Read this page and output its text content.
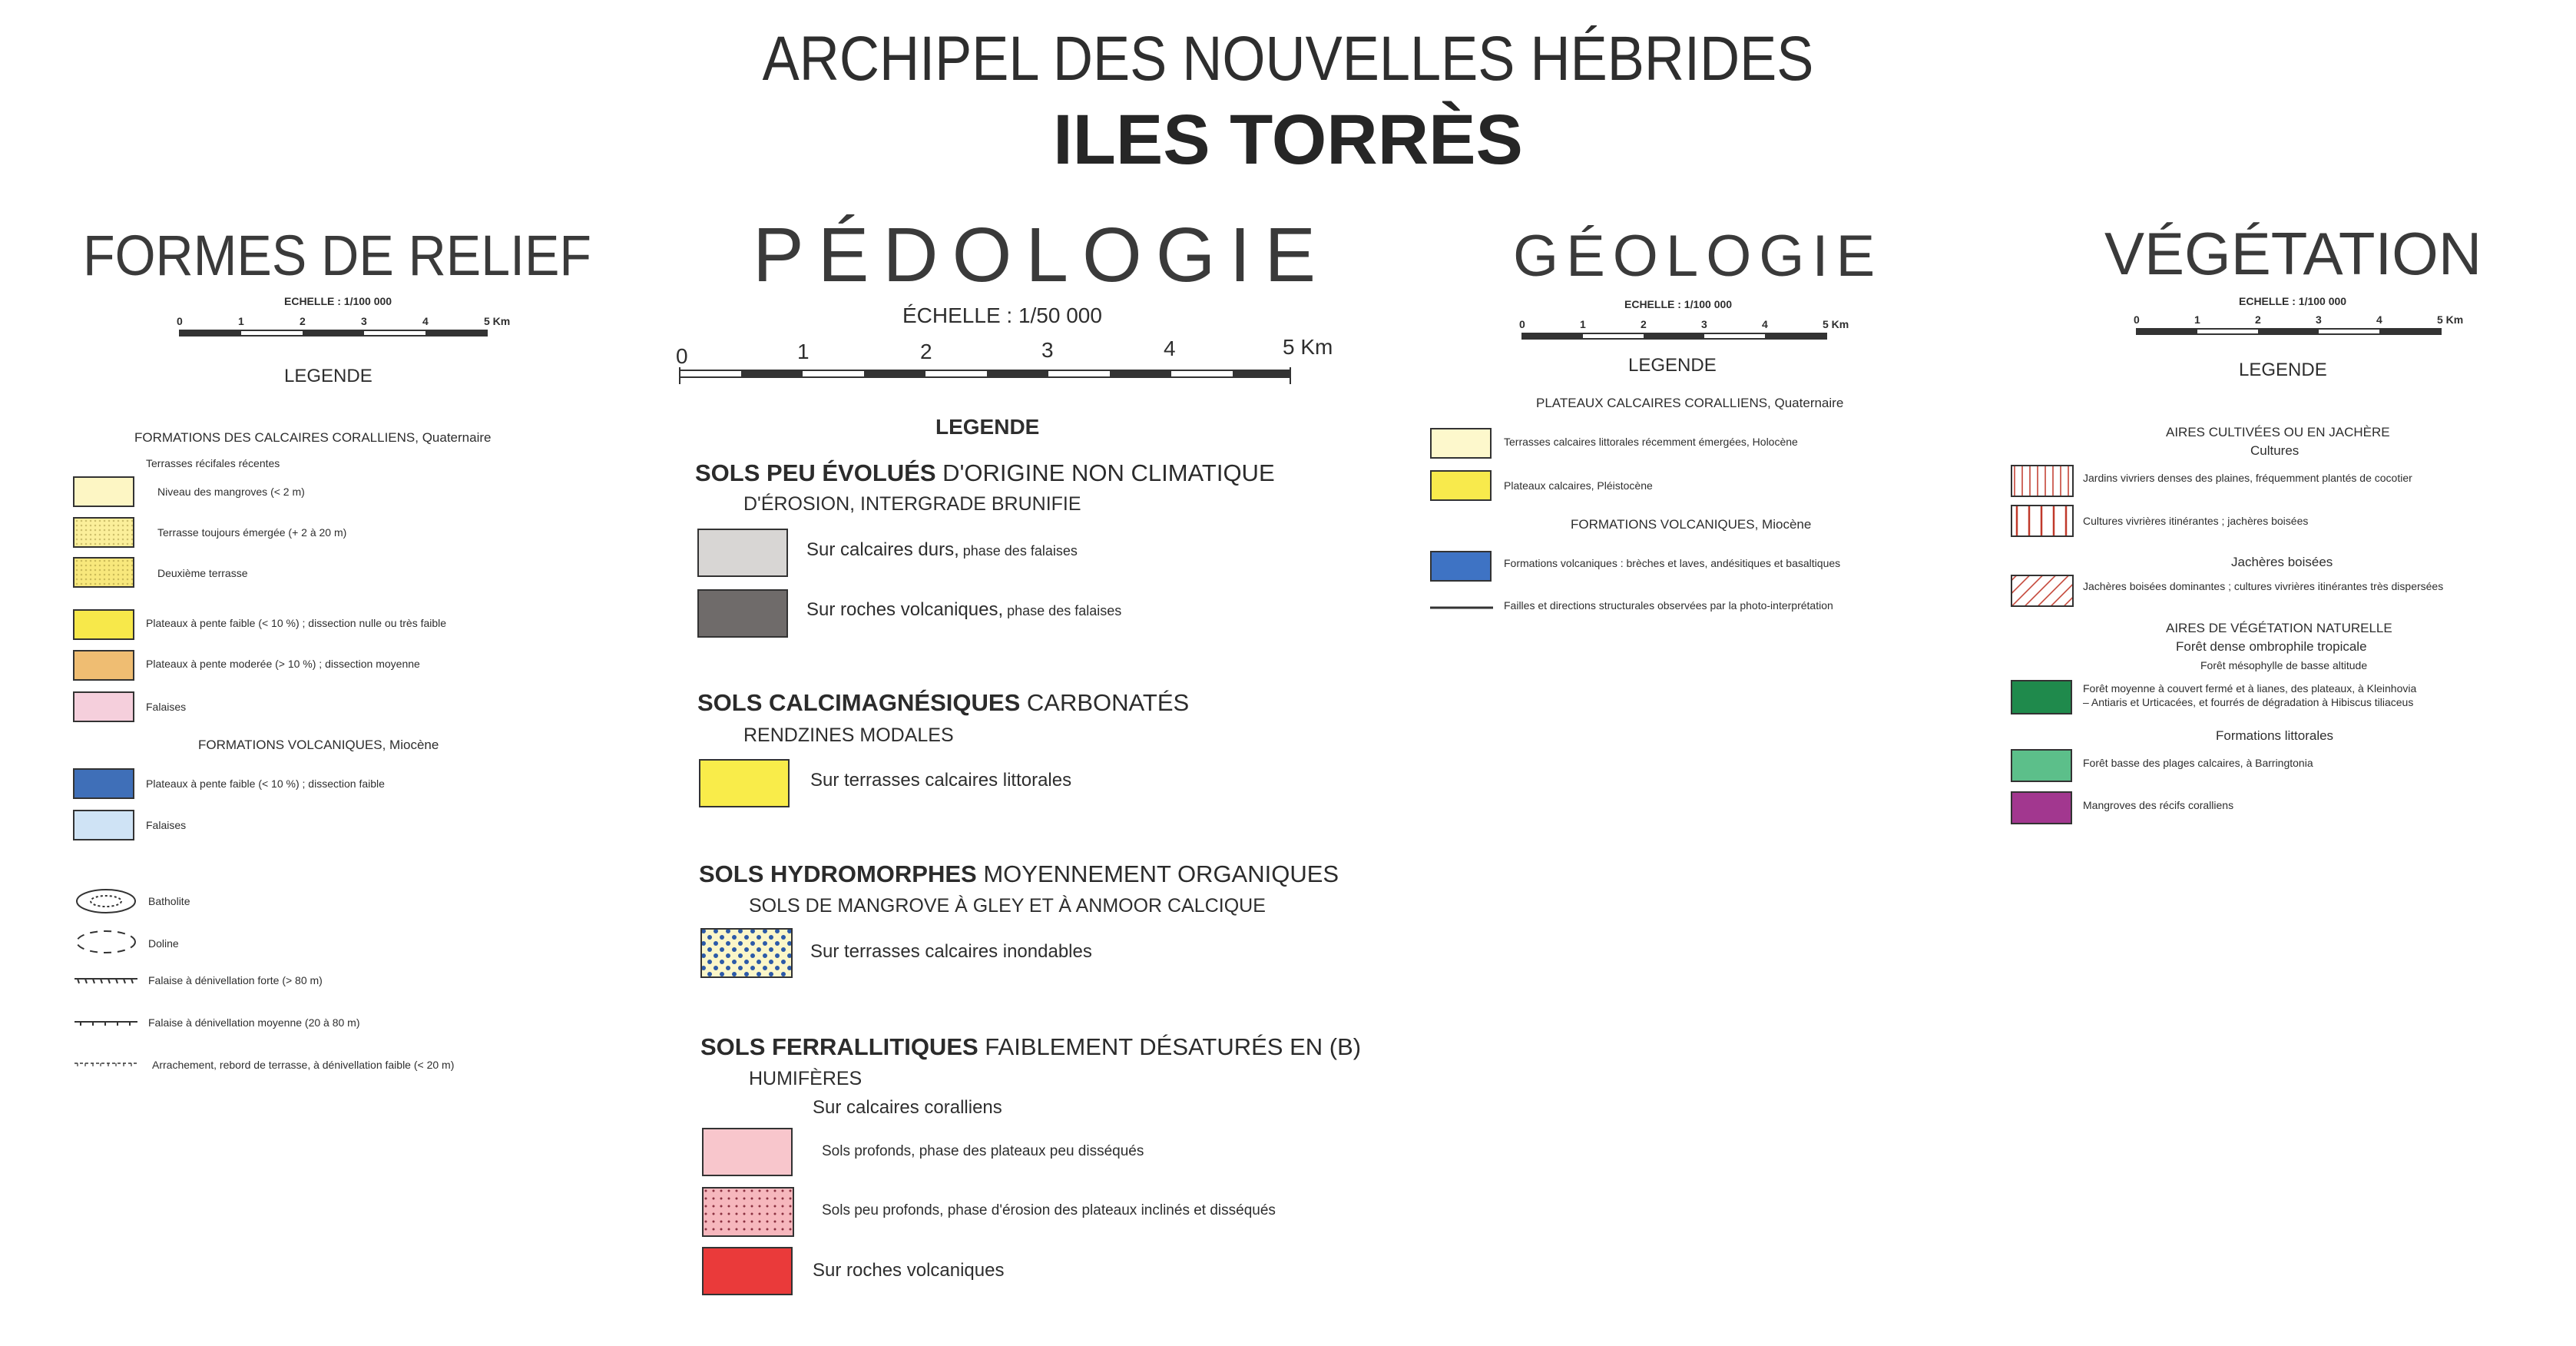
ARCHIPEL DES NOUVELLES HÉBRIDES
ILES TORRÈS
FORMES DE RELIEF
ECHELLE : 1/100 000
0	1	2	3	4	5 Km
LEGENDE
FORMATIONS DES CALCAIRES CORALLIENS, Quaternaire
Terrasses récifales récentes
Niveau des mangroves (< 2 m)
Terrasse toujours émergée (+ 2 à 20 m)
Deuxième terrasse
Plateaux à pente faible (< 10 %) ; dissection nulle ou très faible
Plateaux à pente moderée (> 10 %) ; dissection moyenne
Falaises
FORMATIONS VOLCANIQUES, Miocène
Plateaux à pente faible (< 10 %) ; dissection faible
Falaises
Batholite
Doline
Falaise à dénivellation forte (> 80 m)
Falaise à dénivellation moyenne (20 à 80 m)
Arrachement, rebord de terrasse, à dénivellation faible (< 20 m)
PÉDOLOGIE
ÉCHELLE : 1/50 000
0	1	2	3	4	5 Km
LEGENDE
SOLS PEU ÉVOLUÉS D'ORIGINE NON CLIMATIQUE
D'ÉROSION, INTERGRADE BRUNIFIE
Sur calcaires durs, phase des falaises
Sur roches volcaniques, phase des falaises
SOLS CALCIMAGNÉSIQUES CARBONATÉS
RENDZINES MODALES
Sur terrasses calcaires littorales
SOLS HYDROMORPHES MOYENNEMENT ORGANIQUES
SOLS DE MANGROVE À GLEY ET À ANMOOR CALCIQUE
Sur terrasses calcaires inondables
SOLS FERRALLITIQUES FAIBLEMENT DÉSATURÉS EN (B)
HUMIFÈRES
Sur calcaires coralliens
Sols profonds, phase des plateaux peu disséqués
Sols peu profonds, phase d'érosion des plateaux inclinés et disséqués
Sur roches volcaniques
GÉOLOGIE
ECHELLE : 1/100 000
0	1	2	3	4	5 Km
LEGENDE
PLATEAUX CALCAIRES CORALLIENS, Quaternaire
Terrasses calcaires littorales récemment émergées, Holocène
Plateaux calcaires, Pléistocène
FORMATIONS VOLCANIQUES, Miocène
Formations volcaniques : brèches et laves, andésitiques et basaltiques
Failles et directions structurales observées par la photo-interprétation
VÉGÉTATION
ECHELLE : 1/100 000
0	1	2	3	4	5 Km
LEGENDE
AIRES CULTIVÉES OU EN JACHÈRE
Cultures
Jardins vivriers denses des plaines, fréquemment plantés de cocotier
Cultures vivrières itinérantes ; jachères boisées
Jachères boisées
Jachères boisées dominantes ; cultures vivrières itinérantes très dispersées
AIRES DE VÉGÉTATION NATURELLE
Forêt dense ombrophile tropicale
Forêt mésophylle de basse altitude
Forêt moyenne à couvert fermé et à lianes, des plateaux, à Kleinhovia
– Antiaris et Urticacées, et fourrés de dégradation à Hibiscus tiliaceus
Formations littorales
Forêt basse des plages calcaires, à Barringtonia
Mangroves des récifs coralliens
